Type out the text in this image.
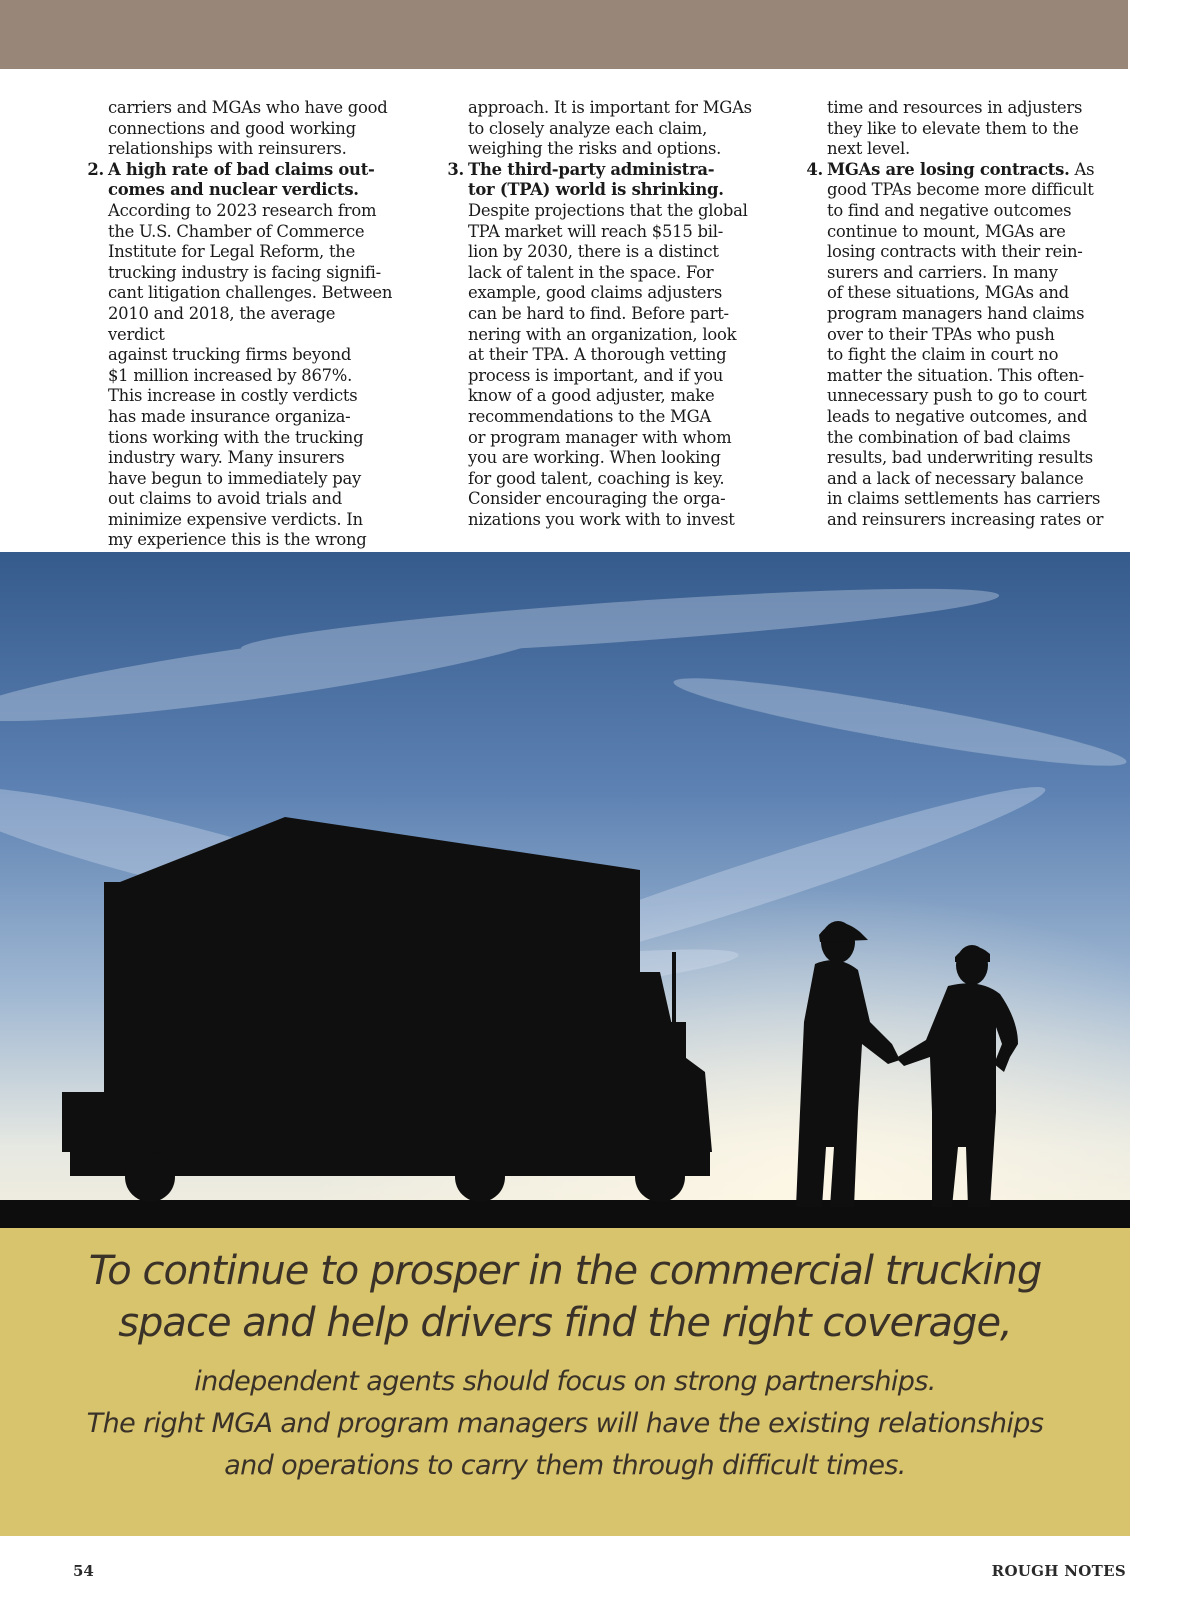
carriers and MGAs who have good
connections and good working
relationships with reinsurers.
2. A high rate of bad claims out-
comes and nuclear verdicts.
According to 2023 research from
the U.S. Chamber of Commerce
Institute for Legal Reform, the
trucking industry is facing signifi-
cant litigation challenges. Between
2010 and 2018, the average verdict
against trucking firms beyond
$1 million increased by 867%.
This increase in costly verdicts
has made insurance organiza-
tions working with the trucking
industry wary. Many insurers
have begun to immediately pay
out claims to avoid trials and
minimize expensive verdicts. In
my experience this is the wrong
approach. It is important for MGAs
to closely analyze each claim,
weighing the risks and options.
3. The third-party administra-
tor (TPA) world is shrinking.
Despite projections that the global
TPA market will reach $515 bil-
lion by 2030, there is a distinct
lack of talent in the space. For
example, good claims adjusters
can be hard to find. Before part-
nering with an organization, look
at their TPA. A thorough vetting
process is important, and if you
know of a good adjuster, make
recommendations to the MGA
or program manager with whom
you are working. When looking
for good talent, coaching is key.
Consider encouraging the orga-
nizations you work with to invest
time and resources in adjusters
they like to elevate them to the
next level.
4. MGAs are losing contracts. As
good TPAs become more difficult
to find and negative outcomes
continue to mount, MGAs are
losing contracts with their rein-
surers and carriers. In many
of these situations, MGAs and
program managers hand claims
over to their TPAs who push
to fight the claim in court no
matter the situation. This often-
unnecessary push to go to court
leads to negative outcomes, and
the combination of bad claims
results, bad underwriting results
and a lack of necessary balance
in claims settlements has carriers
and reinsurers increasing rates or
To continue to prosper in the commercial trucking
space and help drivers find the right coverage,
independent agents should focus on strong partnerships.
The right MGA and program managers will have the existing relationships
and operations to carry them through difficult times.
54	ROUGH NOTES
